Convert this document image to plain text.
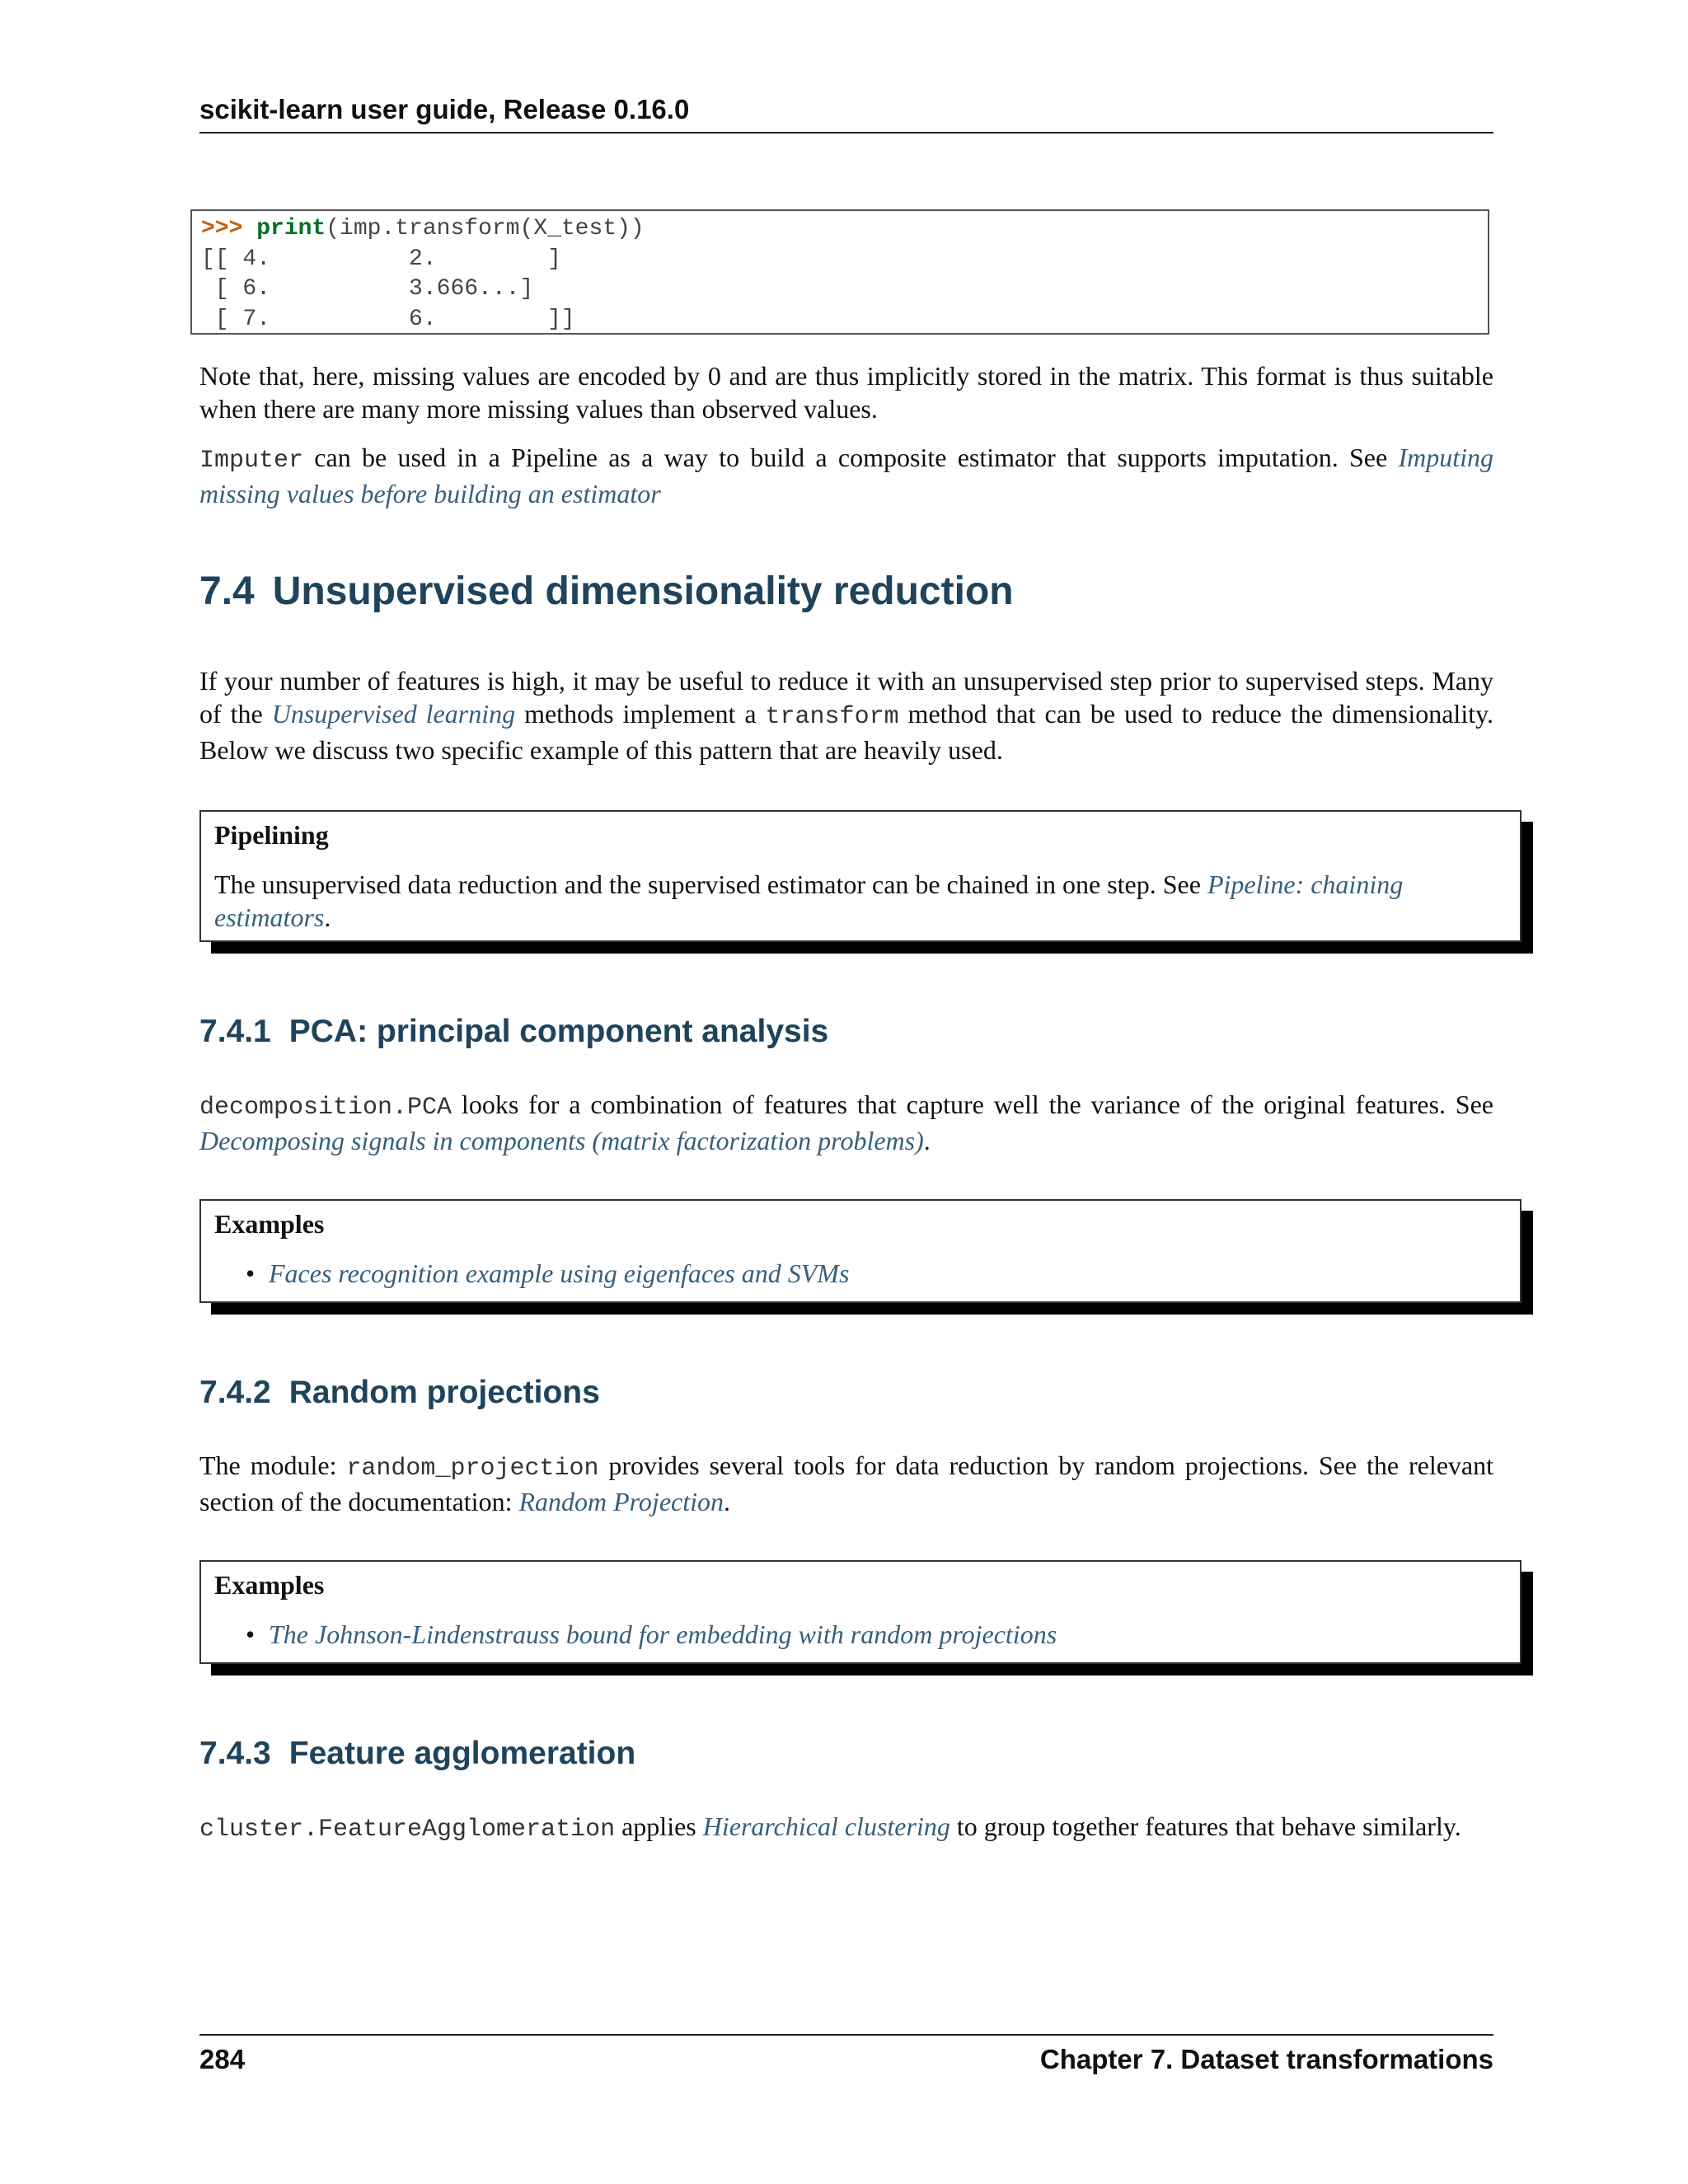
scikit-learn user guide, Release 0.16.0
>>> print(imp.transform(X_test))
[[ 4.          2.        ]
[ 6.          3.666...]
[ 7.          6.        ]]

Note that, here, missing values are encoded by 0 and are thus implicitly stored in the matrix. This format is thus suitable when there are many more missing values than observed values.

Imputer can be used in a Pipeline as a way to build a composite estimator that supports imputation. See Imputing missing values before building an estimator

7.4 Unsupervised dimensionality reduction

If your number of features is high, it may be useful to reduce it with an unsupervised step prior to supervised steps. Many of the Unsupervised learning methods implement a transform method that can be used to reduce the dimensionality. Below we discuss two specific example of this pattern that are heavily used.

Pipelining
The unsupervised data reduction and the supervised estimator can be chained in one step. See Pipeline: chaining estimators.
7.4.1 PCA: principal component analysis

decomposition.PCA looks for a combination of features that capture well the variance of the original features. See Decomposing signals in components (matrix factorization problems).

Examples
• Faces recognition example using eigenfaces and SVMs
7.4.2 Random projections

The module: random_projection provides several tools for data reduction by random projections. See the relevant section of the documentation: Random Projection.

Examples
• The Johnson-Lindenstrauss bound for embedding with random projections
7.4.3 Feature agglomeration

cluster.FeatureAgglomeration applies Hierarchical clustering to group together features that behave similarly.

284	Chapter 7. Dataset transformations
